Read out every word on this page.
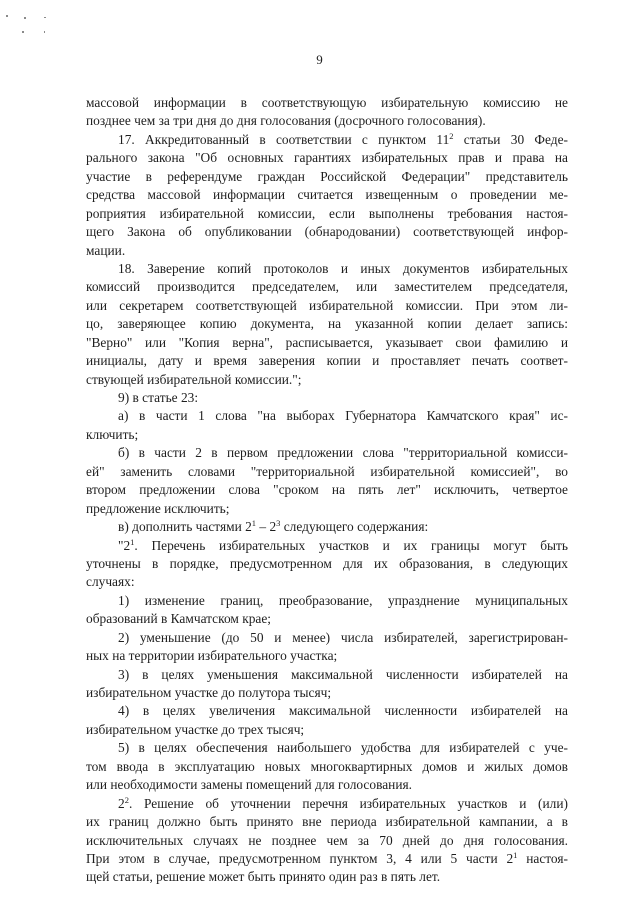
9
массовой информации в соответствующую избирательную комиссию не
позднее чем за три дня до дня голосования (досрочного голосования).
17. Аккредитованный в соответствии с пунктом $11^2$ статьи 30 Феде-
рального закона "Об основных гарантиях избирательных прав и права на
участие в референдуме граждан Российской Федерации" представитель
средства массовой информации считается извещенным о проведении ме-
роприятия избирательной комиссии, если выполнены требования настоя-
щего Закона об опубликовании (обнародовании) соответствующей инфор-
мации.
18. Заверение копий протоколов и иных документов избирательных
комиссий производится председателем, или заместителем председателя,
или секретарем соответствующей избирательной комиссии. При этом ли-
цо, заверяющее копию документа, на указанной копии делает запись:
"Верно" или "Копия верна", расписывается, указывает свои фамилию и
инициалы, дату и время заверения копии и проставляет печать соответ-
ствующей избирательной комиссии.";
9) в статье 23:
а) в части 1 слова "на выборах Губернатора Камчатского края" ис-
ключить;
б) в части 2 в первом предложении слова "территориальной комисси-
ей" заменить словами "территориальной избирательной комиссией", во
втором предложении слова "сроком на пять лет" исключить, четвертое
предложение исключить;
в) дополнить частями $2^1 - 2^3$ следующего содержания:
"$2^1$. Перечень избирательных участков и их границы могут быть
уточнены в порядке, предусмотренном для их образования, в следующих
случаях:
1) изменение границ, преобразование, упразднение муниципальных
образований в Камчатском крае;
2) уменьшение (до 50 и менее) числа избирателей, зарегистрирован-
ных на территории избирательного участка;
3) в целях уменьшения максимальной численности избирателей на
избирательном участке до полутора тысяч;
4) в целях увеличения максимальной численности избирателей на
избирательном участке до трех тысяч;
5) в целях обеспечения наибольшего удобства для избирателей с уче-
том ввода в эксплуатацию новых многоквартирных домов и жилых домов
или необходимости замены помещений для голосования.
$2^2$. Решение об уточнении перечня избирательных участков и (или)
их границ должно быть принято вне периода избирательной кампании, а в
исключительных случаях не позднее чем за 70 дней до дня голосования.
При этом в случае, предусмотренном пунктом 3, 4 или 5 части $2^1$ настоя-
щей статьи, решение может быть принято один раз в пять лет.
